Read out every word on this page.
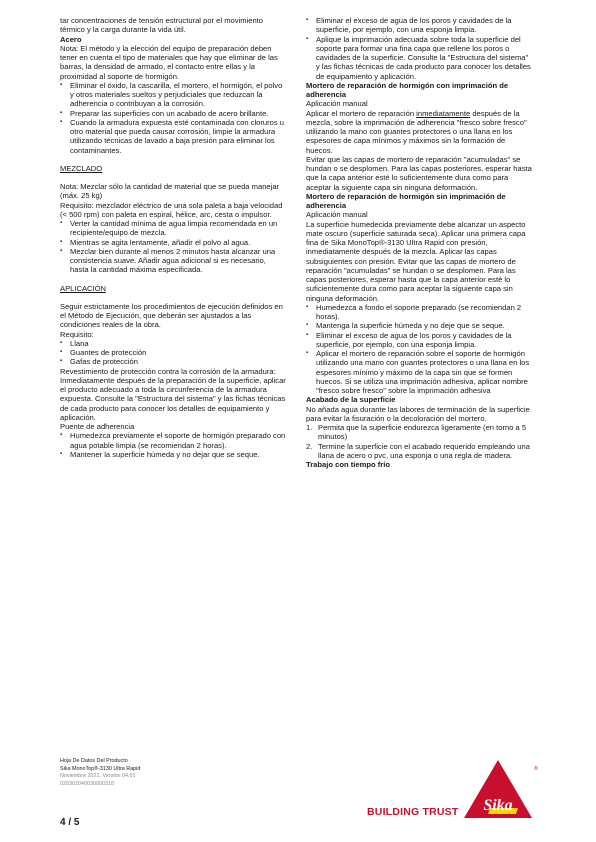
tar concentraciones de tensión estructural por el movimiento térmico y la carga durante la vida útil.

Acero

Nota: El método y la elección del equipo de preparación deben tener en cuenta el tipo de materiales que hay que eliminar de las barras, la densidad de armado, el contacto entre ellas y la proximidad al soporte de hormigón.

▪ Eliminar el óxido, la cascarilla, el mortero, el hormigón, el polvo y otros materiales sueltos y perjudiciales que reduzcan la adherencia o contribuyan a la corrosión.
▪ Preparar las superficies con un acabado de acero brillante.
▪ Cuando la armadura expuesta esté contaminada con cloruros u otro material que pueda causar corrosión, limpie la armadura utilizando técnicas de lavado a baja presión para eliminar los contaminantes.

MEZCLADO

Nota: Mezclar sólo la cantidad de material que se pueda manejar (máx. 25 kg)

Requisito: mezclador eléctrico de una sola paleta a baja velocidad (< 500 rpm) con paleta en espiral, hélice, arc, cesta o impulsor.

▪ Verter la cantidad mínima de agua limpia recomendada en un recipiente/equipo de mezcla.
▪ Mientras se agita lentamente, añadir el polvo al agua.
▪ Mezclar bien durante al menos 2 minutos hasta alcanzar una consistencia suave. Añadir agua adicional si es necesario, hasta la cantidad máxima especificada.

APLICACIÓN

Seguir estrictamente los procedimientos de ejecución definidos en el Método de Ejecución, que deberán ser ajustados a las condiciones reales de la obra.

Requisito:

▪ Llana
▪ Guantes de protección
▪ Gafas de protección

Revestimiento de protección contra la corrosión de la armadura: Inmediatamente después de la preparación de la superficie, aplicar el producto adecuado a toda la circunferencia de la armadura expuesta. Consulte la "Estructura del sistema" y las fichas técnicas de cada producto para conocer los detalles de equipamiento y aplicación.

Puente de adherencia

▪ Humedezca previamente el soporte de hormigón preparado con agua potable limpia (se recomiendan 2 horas).
▪ Mantener la superficie húmeda y no dejar que se seque.
▪ Eliminar el exceso de agua de los poros y cavidades de la superficie, por ejemplo, con una esponja limpia.
▪ Aplique la imprimación adecuada sobre toda la superficie del soporte para formar una fina capa que rellene los poros o cavidades de la superficie. Consulte la "Estructura del sistema" y las fichas técnicas de cada producto para conocer los detalles de equipamiento y aplicación.

Mortero de reparación de hormigón con imprimación de adherencia

Aplicación manual

Aplicar el mortero de reparación inmediatamente después de la mezcla, sobre la imprimación de adherencia "fresco sobre fresco" utilizando la mano con guantes protectores o una llana en los espesores de capa mínimos y máximos sin la formación de huecos.

Evitar que las capas de mortero de reparación "acumuladas" se hundan o se desplomen. Para las capas posteriores, esperar hasta que la capa anterior esté lo suficientemente dura como para aceptar la siguiente capa sin ninguna deformación.

Mortero de reparación de hormigón sin imprimación de adherencia

Aplicación manual

La superficie humedecida previamente debe alcanzar un aspecto mate oscuro (superficie saturada seca). Aplicar una primera capa fina de Sika MonoTop®-3130 Ultra Rapid con presión, inmediatamente después de la mezcla. Aplicar las capas subsiguientes con presión. Evitar que las capas de mortero de reparación "acumuladas" se hundan o se desplomen. Para las capas posteriores, esperar hasta que la capa anterior esté lo suficientemente dura como para aceptar la siguiente capa sin ninguna deformación.

▪ Humedezca a fondo el soporte preparado (se recomiendan 2 horas).
▪ Mantenga la superficie húmeda y no deje que se seque.
▪ Eliminar el exceso de agua de los poros y cavidades de la superficie, por ejemplo, con una esponja limpia.
▪ Aplicar el mortero de reparación sobre el soporte de hormigón utilizando una mano con guantes protectores o una llana en los espesores mínimo y máximo de la capa sin que se formen huecos. Si se utiliza una imprimación adhesiva, aplicar nombre "fresco sobre fresco" sobre la imprimación adhesiva

Acabado de la superficie

No añada agua durante las labores de terminación de la superficie para evitar la fisuración o la decoloración del mortero.

1. Permita que la superficie endurezca ligeramente (en torno a 5 minutos)
2. Termine la superficie con el acabado requerido empleando una llana de acero o pvc, una esponja o una regla de madera.

Trabajo con tiempo frío

Hoja De Datos Del Producto
Sika MonoTop®-3130 Ultra Rapid
Noviembre 2021, Versión 04.01
020302040030000318
4 / 5
BUILDING TRUST Sika
®
